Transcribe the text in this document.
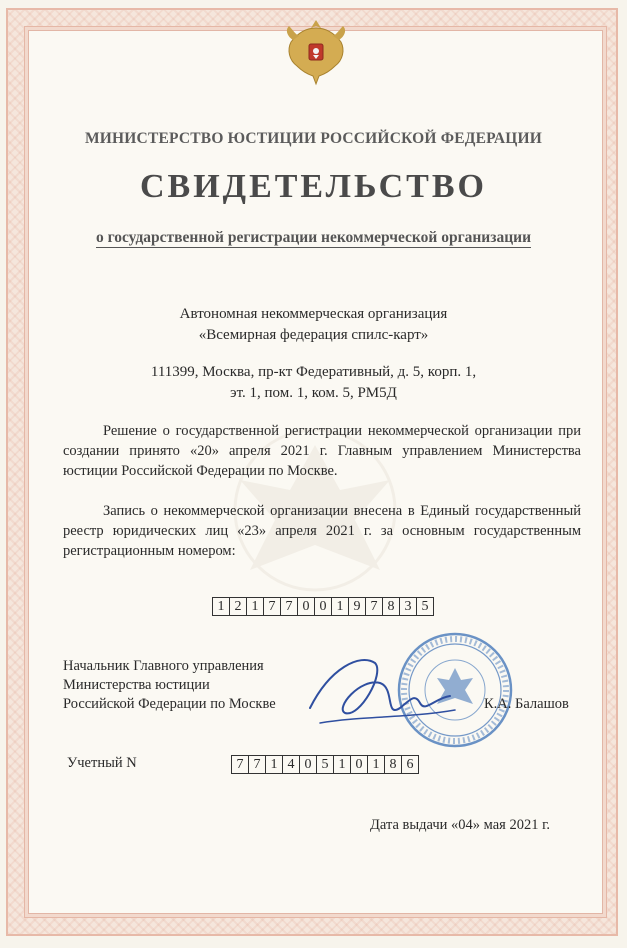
МИНИСТЕРСТВО ЮСТИЦИИ РОССИЙСКОЙ ФЕДЕРАЦИИ
СВИДЕТЕЛЬСТВО
о государственной регистрации некоммерческой организации
Автономная некоммерческая организация
«Всемирная федерация спилс-карт»
111399, Москва, пр-кт Федеративный, д. 5, корп. 1,
эт. 1, пом. 1, ком. 5, РМ5Д
Решение о государственной регистрации некоммерческой организации при создании принято «20» апреля 2021 г. Главным управлением Министерства юстиции Российской Федерации по Москве.
Запись о некоммерческой организации внесена в Единый государственный реестр юридических лиц «23» апреля 2021 г. за основным государственным регистрационным номером:
1 2 1 7 7 0 0 1 9 7 8 3 5
Начальник Главного управления
Министерства юстиции
Российской Федерации по Москве	К.А. Балашов
Учетный N	7 7 1 4 0 5 1 0 1 8 6
Дата выдачи «04» мая 2021 г.
